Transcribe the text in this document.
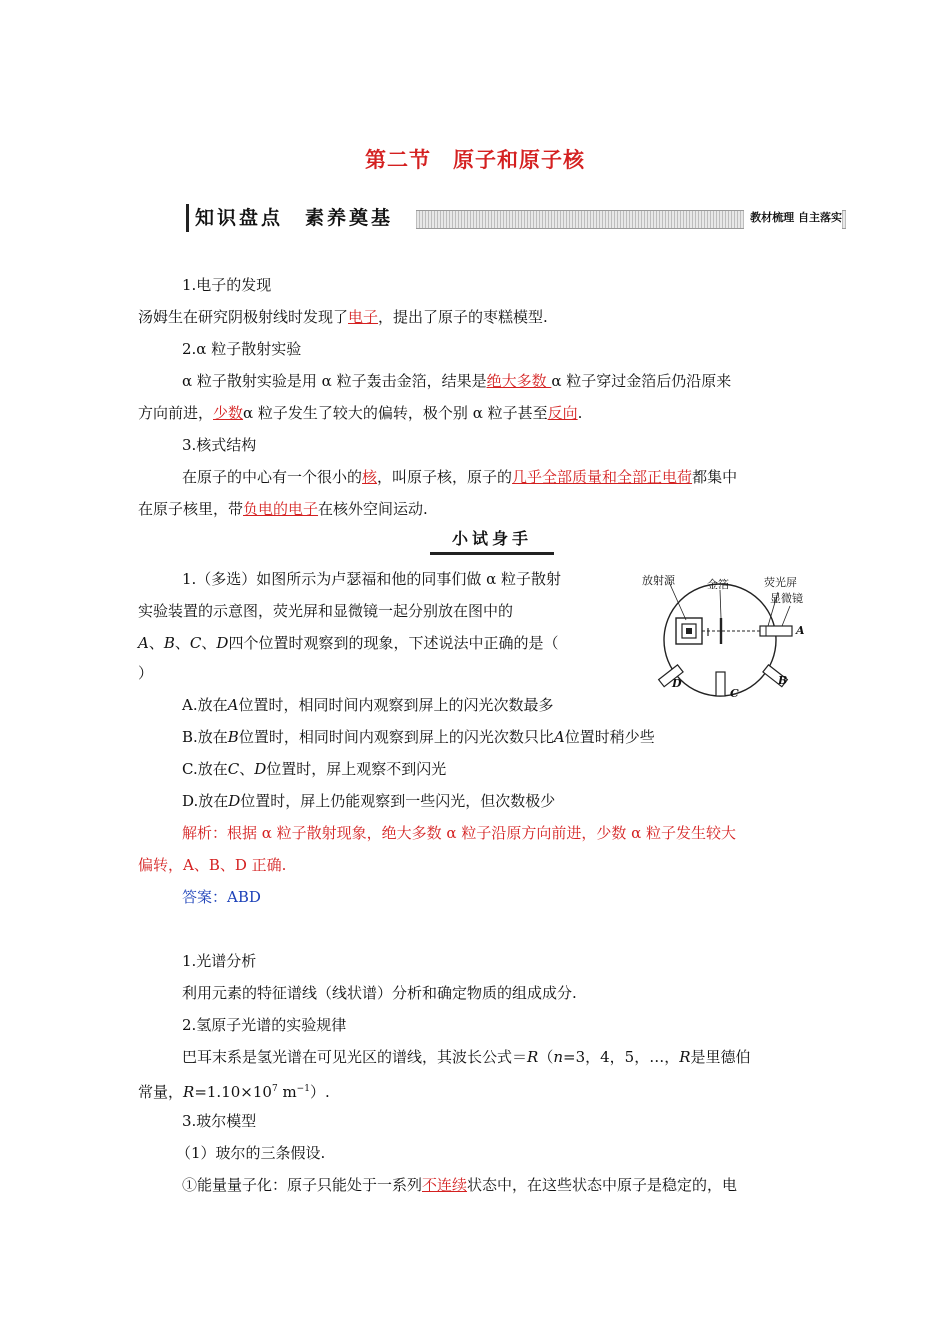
第二节　原子和原子核
知识盘点　素养奠基	教材梳理 自主落实
1.电子的发现
汤姆生在研究阴极射线时发现了电子，提出了原子的枣糕模型.
2.α 粒子散射实验
α 粒子散射实验是用 α 粒子轰击金箔，结果是绝大多数 α 粒子穿过金箔后仍沿原来
方向前进，少数α 粒子发生了较大的偏转，极个别 α 粒子甚至反向.
3.核式结构
在原子的中心有一个很小的核，叫原子核，原子的几乎全部质量和全部正电荷都集中
在原子核里，带负电的电子在核外空间运动.
小试身手
1.（多选）如图所示为卢瑟福和他的同事们做 α 粒子散射
实验装置的示意图，荧光屏和显微镜一起分别放在图中的
A、B、C、D四个位置时观察到的现象，下述说法中正确的是（
）
放射源	金箔	荧光屏
显微镜
A
B
C
D
A.放在A位置时，相同时间内观察到屏上的闪光次数最多
B.放在B位置时，相同时间内观察到屏上的闪光次数只比A位置时稍少些
C.放在C、D位置时，屏上观察不到闪光
D.放在D位置时，屏上仍能观察到一些闪光，但次数极少
解析：根据 α 粒子散射现象，绝大多数 α 粒子沿原方向前进，少数 α 粒子发生较大
偏转，A、B、D 正确.
答案：ABD
1.光谱分析
利用元素的特征谱线（线状谱）分析和确定物质的组成成分.
2.氢原子光谱的实验规律
巴耳末系是氢光谱在可见光区的谱线，其波长公式＝R（n=3，4，5，…，R是里德伯
常量，$R=1.10\times 10^7$ $m^{-1}$）.
3.玻尔模型
（1）玻尔的三条假设.
①能量量子化：原子只能处于一系列不连续状态中，在这些状态中原子是稳定的，电
